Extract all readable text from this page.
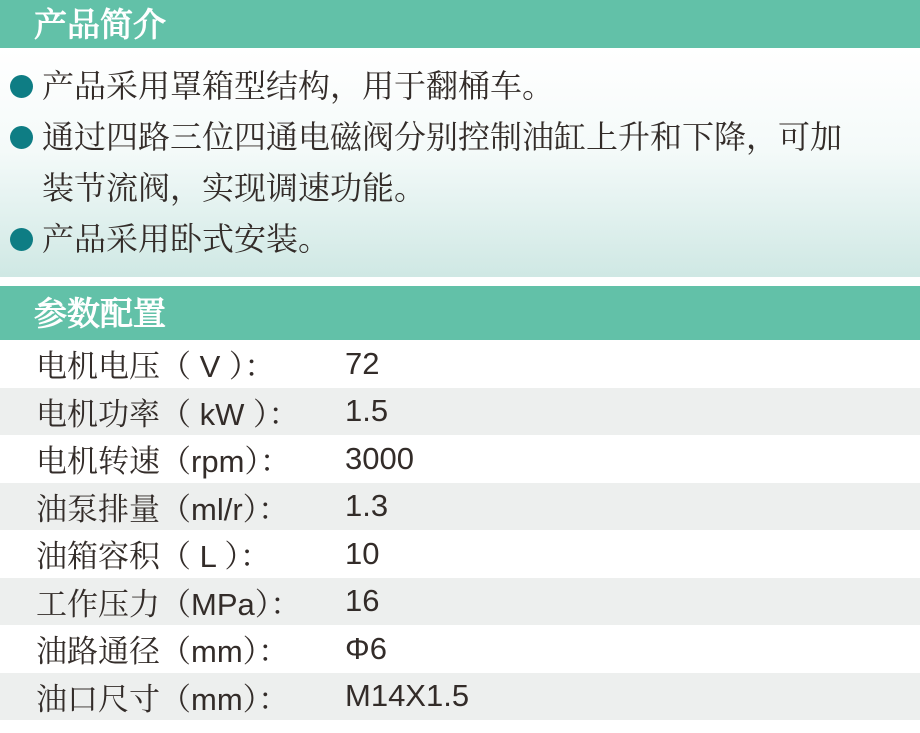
产品简介
产品采用罩箱型结构，用于翻桶车。
通过四路三位四通电磁阀分别控制油缸上升和下降，可加
装节流阀，实现调速功能。
产品采用卧式安装。
参数配置
电机电压（ V ）： 72
电机功率（ kW ）： 1.5
电机转速（rpm）： 3000
油泵排量（ml/r）： 1.3
油箱容积（ L ）： 10
工作压力（MPa）： 16
油路通径（mm）： Φ6
油口尺寸（mm）： M14X1.5
